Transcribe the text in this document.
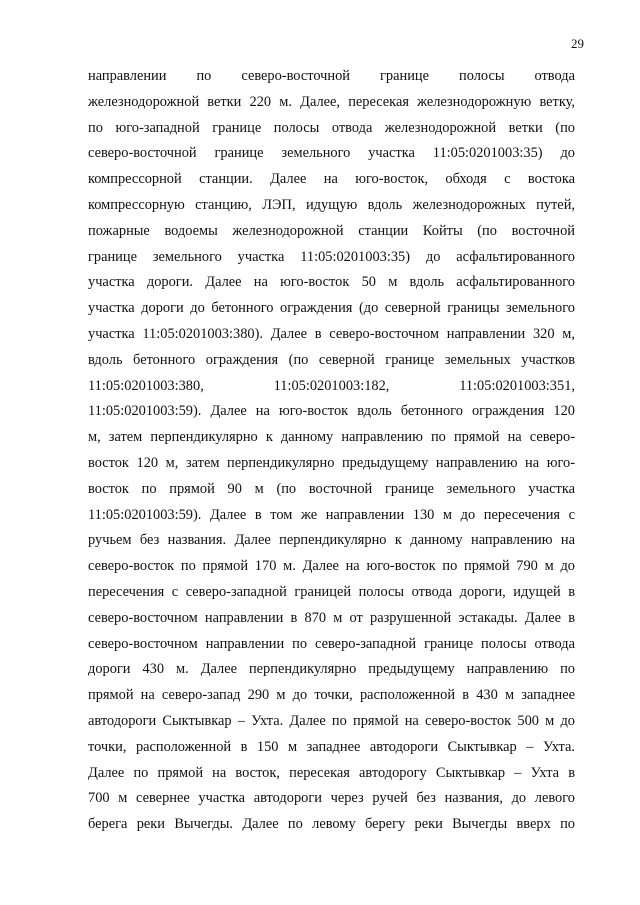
29
направлении по северо-восточной границе полосы отвода
железнодорожной ветки 220 м. Далее, пересекая железнодорожную ветку,
по юго-западной границе полосы отвода железнодорожной ветки (по
северо-восточной границе земельного участка 11:05:0201003:35) до
компрессорной станции. Далее на юго-восток, обходя с востока
компрессорную станцию, ЛЭП, идущую вдоль железнодорожных путей,
пожарные водоемы железнодорожной станции Койты (по восточной
границе земельного участка 11:05:0201003:35) до асфальтированного
участка дороги. Далее на юго-восток 50 м вдоль асфальтированного
участка дороги до бетонного ограждения (до северной границы земельного
участка 11:05:0201003:380). Далее в северо-восточном направлении 320 м,
вдоль бетонного ограждения (по северной границе земельных участков
11:05:0201003:380, 11:05:0201003:182, 11:05:0201003:351,
11:05:0201003:59). Далее на юго-восток вдоль бетонного ограждения 120
м, затем перпендикулярно к данному направлению по прямой на северо-
восток 120 м, затем перпендикулярно предыдущему направлению на юго-
восток по прямой 90 м (по восточной границе земельного участка
11:05:0201003:59). Далее в том же направлении 130 м до пересечения с
ручьем без названия. Далее перпендикулярно к данному направлению на
северо-восток по прямой 170 м. Далее на юго-восток по прямой 790 м до
пересечения с северо-западной границей полосы отвода дороги, идущей в
северо-восточном направлении в 870 м от разрушенной эстакады. Далее в
северо-восточном направлении по северо-западной границе полосы отвода
дороги 430 м. Далее перпендикулярно предыдущему направлению по
прямой на северо-запад 290 м до точки, расположенной в 430 м западнее
автодороги Сыктывкар – Ухта. Далее по прямой на северо-восток 500 м до
точки, расположенной в 150 м западнее автодороги Сыктывкар – Ухта.
Далее по прямой на восток, пересекая автодорогу Сыктывкар – Ухта в
700 м севернее участка автодороги через ручей без названия, до левого
берега реки Вычегды. Далее по левому берегу реки Вычегды вверх по
